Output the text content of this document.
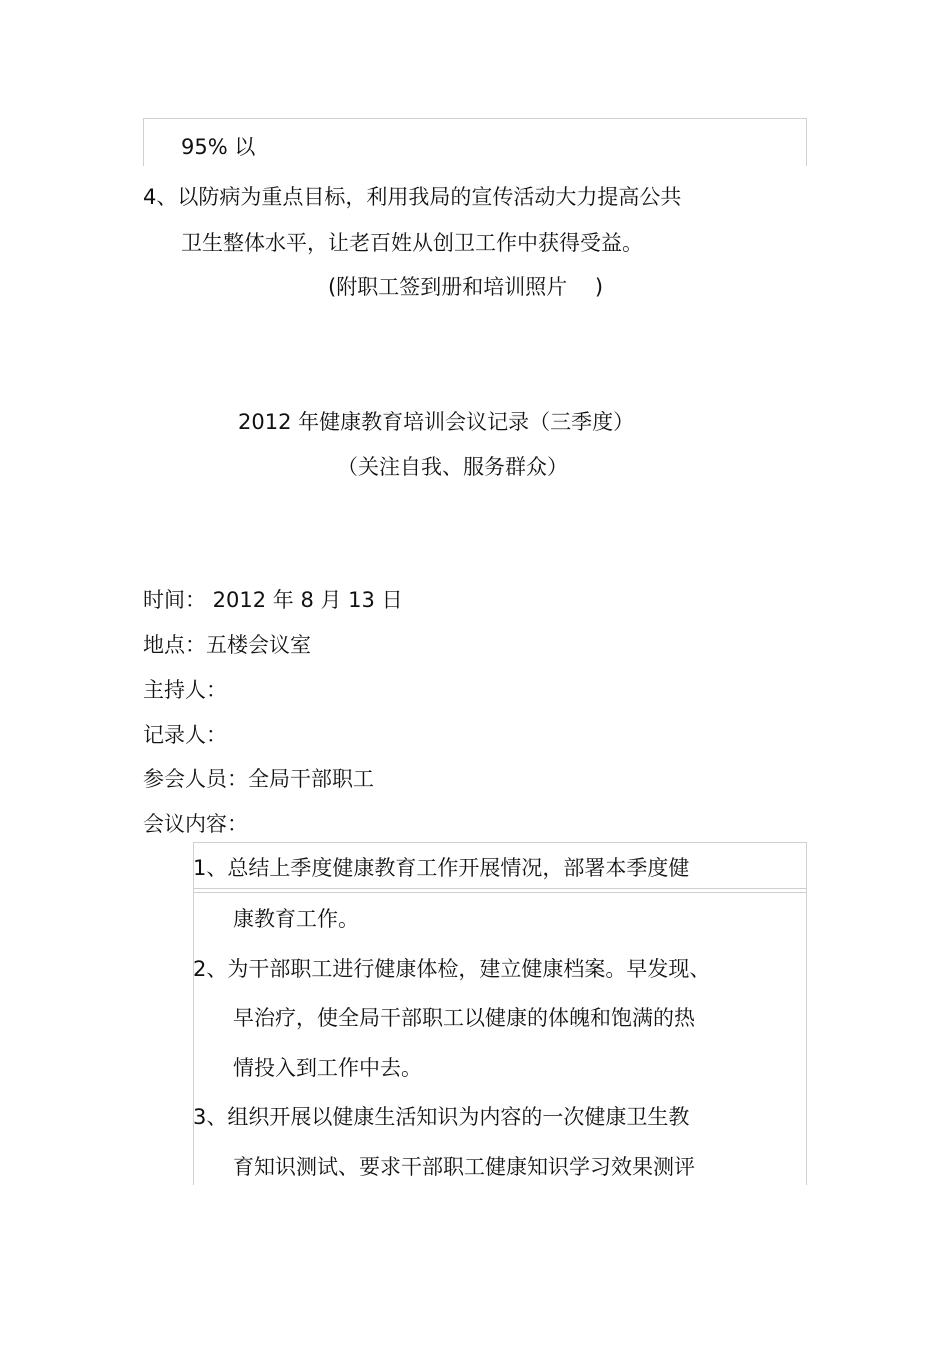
95% 以
4、以防病为重点目标，利用我局的宣传活动大力提高公共
卫生整体水平，让老百姓从创卫工作中获得受益。
(附职工签到册和培训照片　 )
2012 年健康教育培训会议记录（三季度）
（关注自我、服务群众）
时间： 2012 年 8 月 13 日
地点：五楼会议室
主持人：
记录人：
参会人员：全局干部职工
会议内容：
1、总结上季度健康教育工作开展情况，部署本季度健
康教育工作。
2、为干部职工进行健康体检，建立健康档案。早发现、
早治疗，使全局干部职工以健康的体魄和饱满的热
情投入到工作中去。
3、组织开展以健康生活知识为内容的一次健康卫生教
育知识测试、要求干部职工健康知识学习效果测评
